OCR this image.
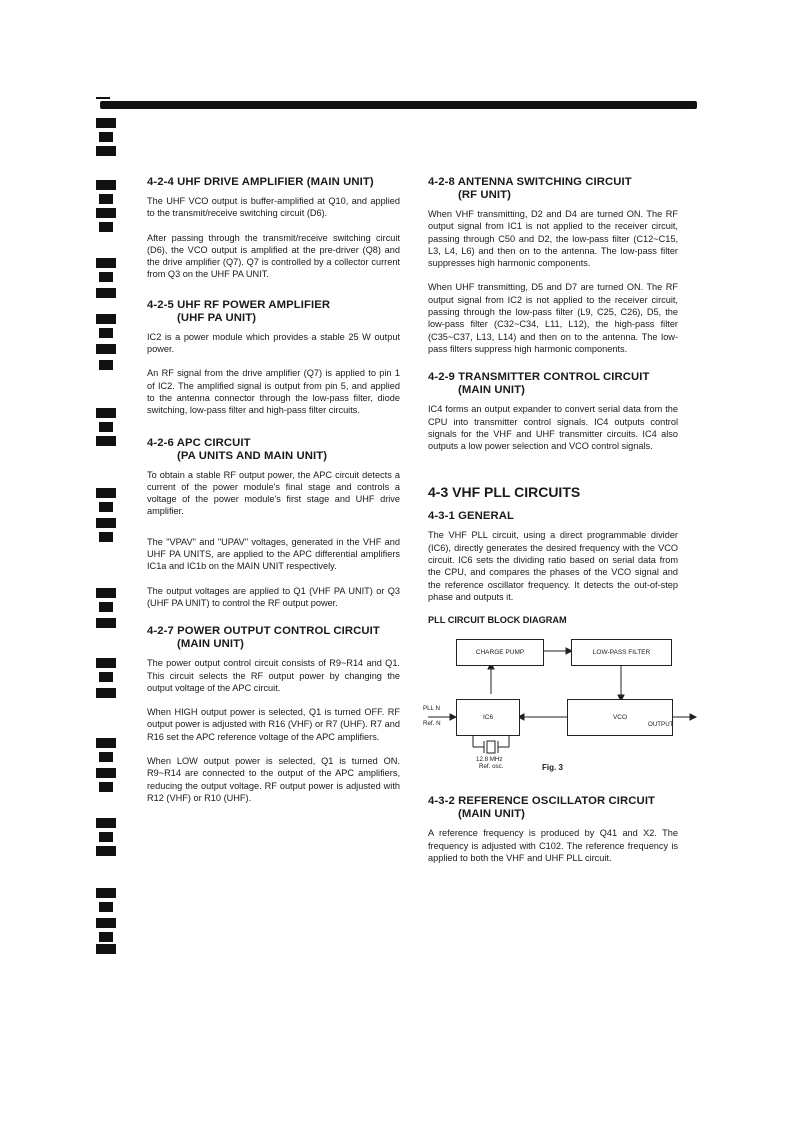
4-2-4 UHF DRIVE AMPLIFIER (MAIN UNIT)

The UHF VCO output is buffer-amplified at Q10, and applied to the transmit/receive switching circuit (D6).

After passing through the transmit/receive switching circuit (D6), the VCO output is amplified at the pre-driver (Q8) and the drive amplifier (Q7). Q7 is controlled by a collector current from Q3 on the UHF PA UNIT.

4-2-5 UHF RF POWER AMPLIFIER
(UHF PA UNIT)

IC2 is a power module which provides a stable 25 W output power.

An RF signal from the drive amplifier (Q7) is applied to pin 1 of IC2. The amplified signal is output from pin 5, and applied to the antenna connector through the low-pass filter, diode switching, low-pass filter and high-pass filter circuits.

4-2-6 APC CIRCUIT
(PA UNITS AND MAIN UNIT)

To obtain a stable RF output power, the APC circuit detects a current of the power module's final stage and controls a voltage of the power module's first stage and UHF drive amplifier.

The "VPAV" and "UPAV" voltages, generated in the VHF and UHF PA UNITS, are applied to the APC differential amplifiers IC1a and IC1b on the MAIN UNIT respectively.

The output voltages are applied to Q1 (VHF PA UNIT) or Q3 (UHF PA UNIT) to control the RF output power.

4-2-7 POWER OUTPUT CONTROL CIRCUIT
(MAIN UNIT)

The power output control circuit consists of R9~R14 and Q1. This circuit selects the RF output power by changing the output voltage of the APC circuit.

When HIGH output power is selected, Q1 is turned OFF. RF output power is adjusted with R16 (VHF) or R7 (UHF). R7 and R16 set the APC reference voltage of the APC amplifiers.

When LOW output power is selected, Q1 is turned ON. R9~R14 are connected to the output of the APC amplifiers, reducing the output voltage. RF output power is adjusted with R12 (VHF) or R10 (UHF).

4-2-8 ANTENNA SWITCHING CIRCUIT
(RF UNIT)

When VHF transmitting, D2 and D4 are turned ON. The RF output signal from IC1 is not applied to the receiver circuit, passing through C50 and D2, the low-pass filter (C12~C15, L3, L4, L6) and then on to the antenna. The low-pass filter suppresses high harmonic components.

When UHF transmitting, D5 and D7 are turned ON. The RF output signal from IC2 is not applied to the receiver circuit, passing through the low-pass filter (L9, C25, C26), D5, the low-pass filter (C32~C34, L11, L12), the high-pass filter (C35~C37, L13, L14) and then on to the antenna. The low-pass filters suppress high harmonic components.

4-2-9 TRANSMITTER CONTROL CIRCUIT
(MAIN UNIT)

IC4 forms an output expander to convert serial data from the CPU into transmitter control signals. IC4 outputs control signals for the VHF and UHF transmitter circuits. IC4 also outputs a low power selection and VCO control signals.

4-3 VHF PLL CIRCUITS
4-3-1 GENERAL

The VHF PLL circuit, using a direct programmable divider (IC6), directly generates the desired frequency with the VCO circuit. IC6 sets the dividing ratio based on serial data from the CPU, and compares the phases of the VCO signal and the reference oscillator frequency. It detects the out-of-step phase and outputs it.

PLL CIRCUIT BLOCK DIAGRAM
CHARGE PUMP	LOW-PASS FILTER
IC6	VCO
PLL N
Ref. N	OUTPUT
12.8 MHz
Ref. osc.	Fig. 3
4-3-2 REFERENCE OSCILLATOR CIRCUIT
(MAIN UNIT)

A reference frequency is produced by Q41 and X2. The frequency is adjusted with C102. The reference frequency is applied to both the VHF and UHF PLL circuit.
